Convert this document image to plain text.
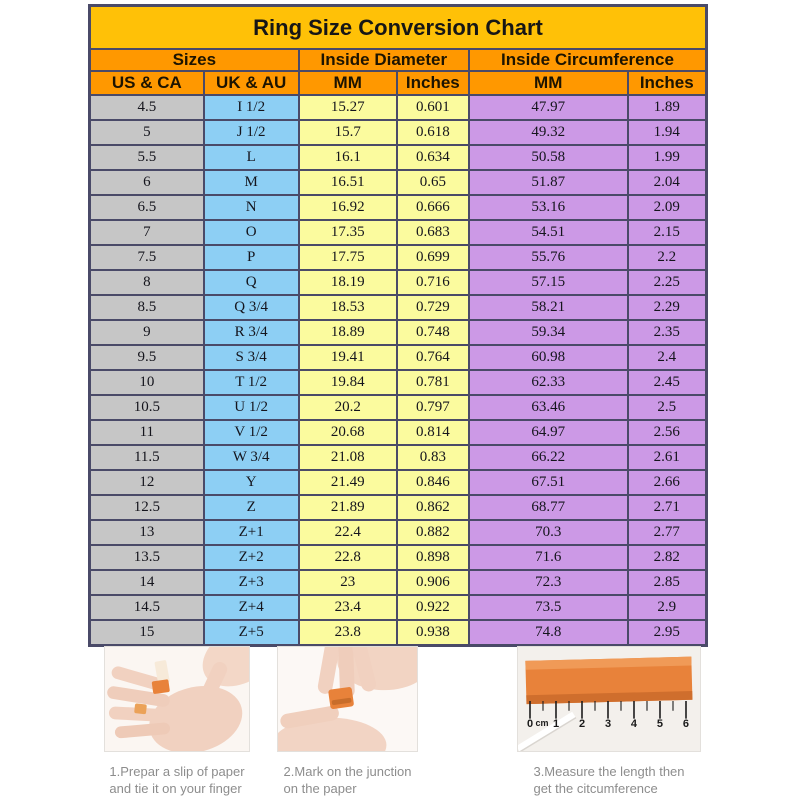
Ring Size Conversion Chart					
Sizes		Inside Diameter		Inside Circumference	
US & CA	UK & AU	MM	Inches	MM	Inches
4.5	I 1/2	15.27	0.601	47.97	1.89
5	J 1/2	15.7	0.618	49.32	1.94
5.5	L	16.1	0.634	50.58	1.99
6	M	16.51	0.65	51.87	2.04
6.5	N	16.92	0.666	53.16	2.09
7	O	17.35	0.683	54.51	2.15
7.5	P	17.75	0.699	55.76	2.2
8	Q	18.19	0.716	57.15	2.25
8.5	Q 3/4	18.53	0.729	58.21	2.29
9	R 3/4	18.89	0.748	59.34	2.35
9.5	S 3/4	19.41	0.764	60.98	2.4
10	T 1/2	19.84	0.781	62.33	2.45
10.5	U 1/2	20.2	0.797	63.46	2.5
11	V 1/2	20.68	0.814	64.97	2.56
11.5	W 3/4	21.08	0.83	66.22	2.61
12	Y	21.49	0.846	67.51	2.66
12.5	Z	21.89	0.862	68.77	2.71
13	Z+1	22.4	0.882	70.3	2.77
13.5	Z+2	22.8	0.898	71.6	2.82
14	Z+3	23	0.906	72.3	2.85
14.5	Z+4	23.4	0.922	73.5	2.9
15	Z+5	23.8	0.938	74.8	2.95
1.Prepar a slip of paper
and tie it on your finger
2.Mark on the junction
on the paper
0 cm 1 2 3 4 5 6
3.Measure the length then
get the citcumference
